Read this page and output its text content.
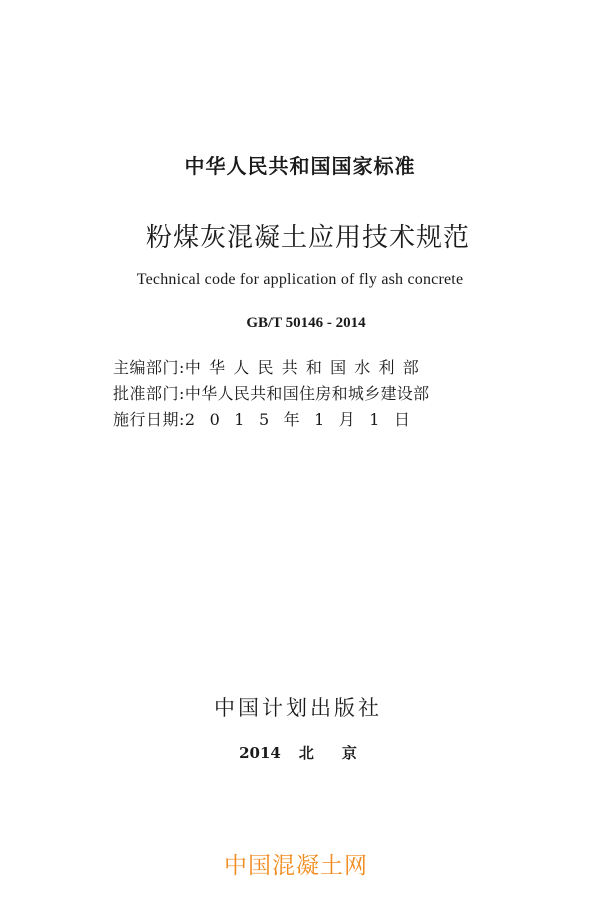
中华人民共和国国家标准
粉煤灰混凝土应用技术规范
Technical code for application of fly ash concrete
GB/T 50146 - 2014
主编部门: 中华人民共和国水利部
批准部门: 中华人民共和国住房和城乡建设部
施行日期: 2015年1月1日
中国计划出版社
2014 北 京
中国混凝土网
